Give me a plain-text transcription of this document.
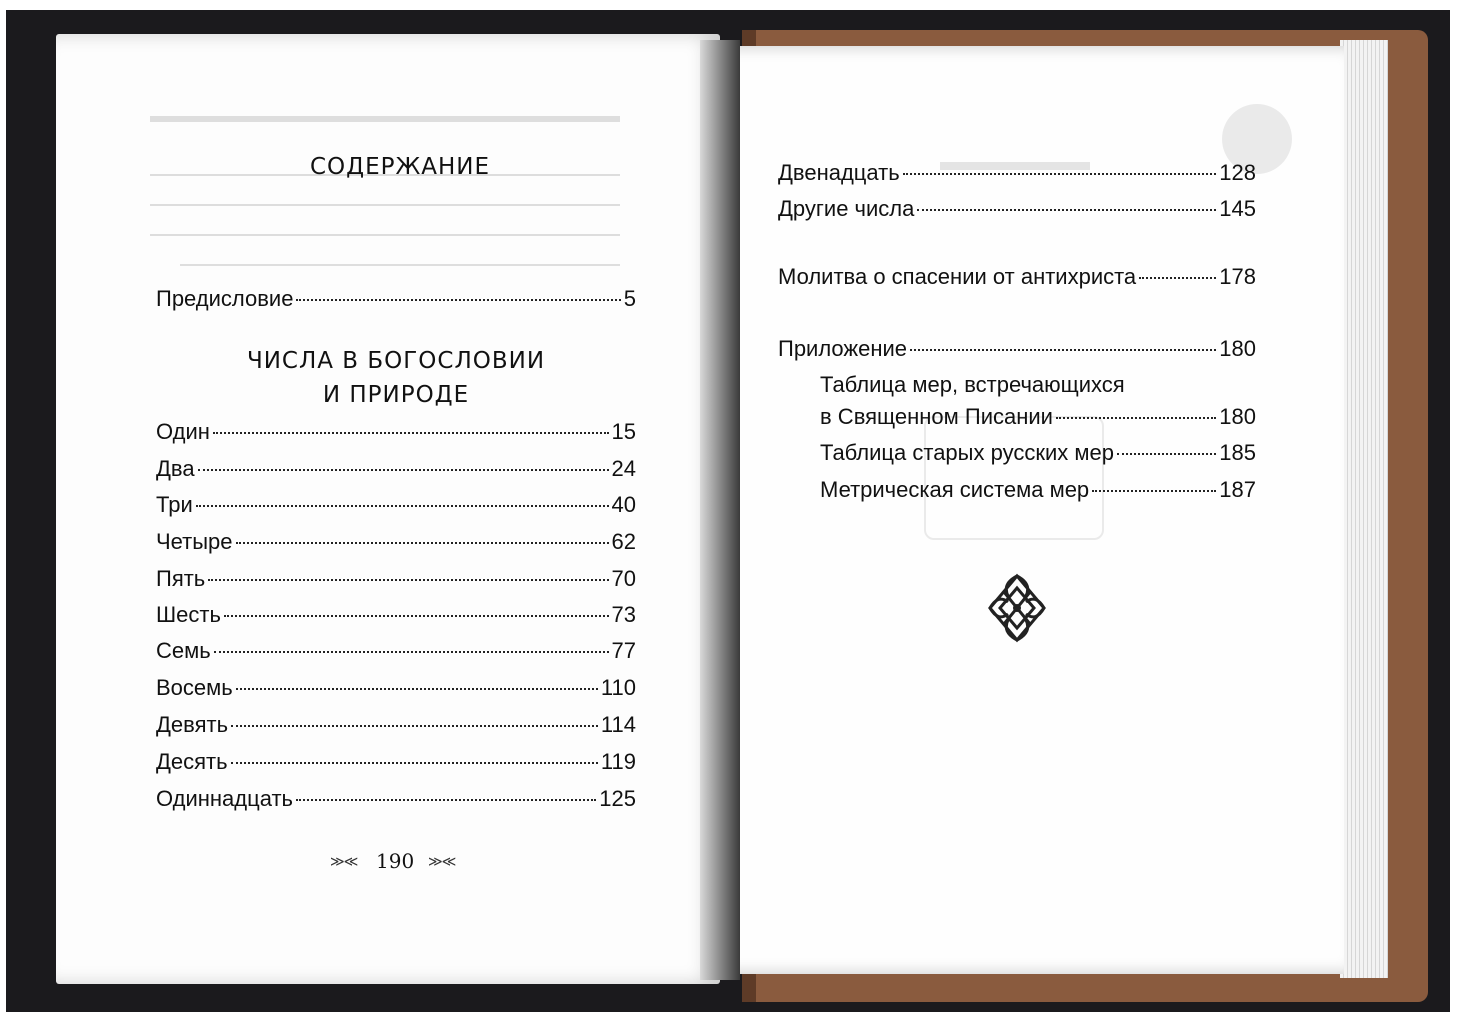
СОДЕРЖАНИЕ
Предисловие	5
ЧИСЛА В БОГОСЛОВИИ
И ПРИРОДЕ
Один	15
Два	24
Три	40
Четыре	62
Пять	70
Шесть	73
Семь	77
Восемь	110
Девять	114
Десять	119
Одиннадцать	125
≫≪ 190 ≫≪
Двенадцать	128
Другие числа	145
Молитва о спасении от антихриста	178
Приложение	180
Таблица мер, встречающихся
в Священном Писании	180
Таблица старых русских мер	185
Метрическая система мер	187
